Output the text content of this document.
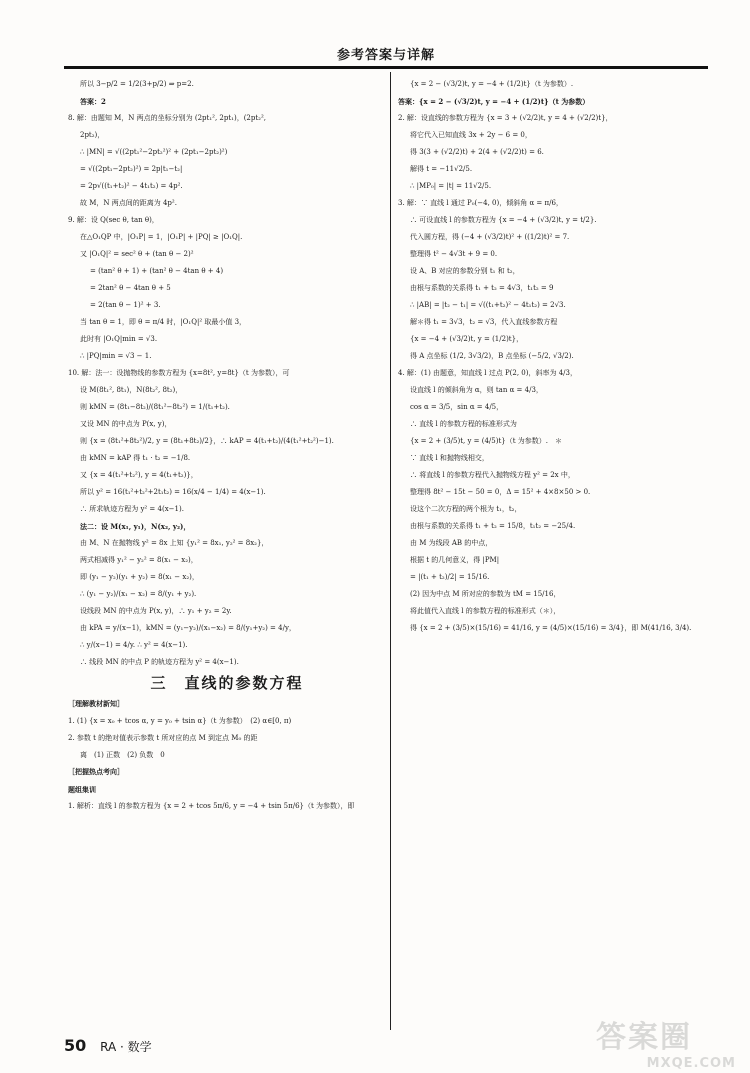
参考答案与详解

所以 3−p/2 = 1/2(3+p/2) ⇒ p=2.

答案：2

8. 解：由题知 M，N 两点的坐标分别为 (2pt₁², 2pt₁)，(2pt₂²,

2pt₂)，

∴ |MN| = √((2pt₁²−2pt₂²)² + (2pt₁−2pt₂)²)

= √((2pt₁−2pt₂)²) = 2p|t₁−t₂|

= 2p√((t₁+t₂)² − 4t₁t₂) = 4p².

故 M，N 两点间的距离为 4p².

9. 解：设 Q(sec θ, tan θ)，

在△O₁QP 中，|O₁P| = 1，|O₁P| + |PQ| ≥ |O₁Q|.

又 |O₁Q|² = sec² θ + (tan θ − 2)²

= (tan² θ + 1) + (tan² θ − 4tan θ + 4)

= 2tan² θ − 4tan θ + 5

= 2(tan θ − 1)² + 3.

当 tan θ = 1，即 θ = π/4 时，|O₁Q|² 取最小值 3，

此时有 |O₁Q|min = √3.

∴ |PQ|min = √3 − 1.

10. 解：法一：设抛物线的参数方程为 {x=8t², y=8t}（t 为参数），可

设 M(8t₁², 8t₁)，N(8t₂², 8t₂)，

则 kMN = (8t₁−8t₂)/(8t₁²−8t₂²) = 1/(t₁+t₂).

又设 MN 的中点为 P(x, y)，

则 {x = (8t₁²+8t₂²)/2, y = (8t₁+8t₂)/2}，∴ kAP = 4(t₁+t₂)/(4(t₁²+t₂²)−1).

由 kMN = kAP 得 t₁ · t₂ = −1/8.

又 {x = 4(t₁²+t₂²), y = 4(t₁+t₂)}，

所以 y² = 16(t₁²+t₂²+2t₁t₂) = 16(x/4 − 1/4) = 4(x−1).

∴ 所求轨迹方程为 y² = 4(x−1).

法二：设 M(x₁, y₁)，N(x₂, y₂)，

由 M、N 在抛物线 y² = 8x 上知 {y₁² = 8x₁, y₂² = 8x₂}，

两式相减得 y₁² − y₂² = 8(x₁ − x₂)，

即 (y₁ − y₂)(y₁ + y₂) = 8(x₁ − x₂)，

∴ (y₁ − y₂)/(x₁ − x₂) = 8/(y₁ + y₂).

设线段 MN 的中点为 P(x, y)，∴ y₁ + y₂ = 2y.

由 kPA = y/(x−1)，kMN = (y₁−y₂)/(x₁−x₂) = 8/(y₁+y₂) = 4/y，

∴ y/(x−1) = 4/y. ∴ y² = 4(x−1).

∴ 线段 MN 的中点 P 的轨迹方程为 y² = 4(x−1).

三　直线的参数方程

［理解教材新知］

1. (1) {x = x₀ + tcos α, y = y₀ + tsin α}（t 为参数）　(2) α∈[0, π)

2. 参数 t 的绝对值表示参数 t 所对应的点 M 到定点 M₀ 的距

离　(1) 正数　(2) 负数　0

［把握热点考向］

题组集训

1. 解析：直线 l 的参数方程为 {x = 2 + tcos 5π/6, y = −4 + tsin 5π/6}（t 为参数），即

{x = 2 − (√3/2)t, y = −4 + (1/2)t}（t 为参数）.

答案：{x = 2 − (√3/2)t, y = −4 + (1/2)t}（t 为参数）

2. 解：设直线的参数方程为 {x = 3 + (√2/2)t, y = 4 + (√2/2)t}，

将它代入已知直线 3x + 2y − 6 = 0，

得 3(3 + (√2/2)t) + 2(4 + (√2/2)t) = 6.

解得 t = −11√2/5.

∴ |MP₀| = |t| = 11√2/5.

3. 解：∵ 直线 l 通过 P₀(−4, 0)，倾斜角 α = π/6，

∴ 可设直线 l 的参数方程为 {x = −4 + (√3/2)t, y = t/2}.

代入圆方程，得 (−4 + (√3/2)t)² + ((1/2)t)² = 7.

整理得 t² − 4√3t + 9 = 0.

设 A、B 对应的参数分别 t₁ 和 t₂，

由根与系数的关系得 t₁ + t₂ = 4√3，t₁t₂ = 9

∴ |AB| = |t₂ − t₁| = √((t₁+t₂)² − 4t₁t₂) = 2√3.

解＊得 t₁ = 3√3，t₂ = √3，代入直线参数方程

{x = −4 + (√3/2)t, y = (1/2)t}，

得 A 点坐标 (1/2, 3√3/2)，B 点坐标 (−5/2, √3/2).

4. 解：(1) 由题意，知直线 l 过点 P(2, 0)，斜率为 4/3，

设直线 l 的倾斜角为 α，则 tan α = 4/3，

cos α = 3/5，sin α = 4/5，

∴ 直线 l 的参数方程的标准形式为

{x = 2 + (3/5)t, y = (4/5)t}（t 为参数）.　＊

∵ 直线 l 和抛物线相交，

∴ 将直线 l 的参数方程代入抛物线方程 y² = 2x 中，

整理得 8t² − 15t − 50 = 0，Δ = 15² + 4×8×50 > 0.

设这个二次方程的两个根为 t₁，t₂，

由根与系数的关系得 t₁ + t₂ = 15/8，t₁t₂ = −25/4.

由 M 为线段 AB 的中点，

根据 t 的几何意义，得 |PM|

= |(t₁ + t₂)/2| = 15/16.

(2) 因为中点 M 所对应的参数为 tM = 15/16，

将此值代入直线 l 的参数方程的标准形式（＊），

得 {x = 2 + (3/5)×(15/16) = 41/16, y = (4/5)×(15/16) = 3/4}，即 M(41/16, 3/4).

50 RA · 数学	答案圈
MXQE.COM
